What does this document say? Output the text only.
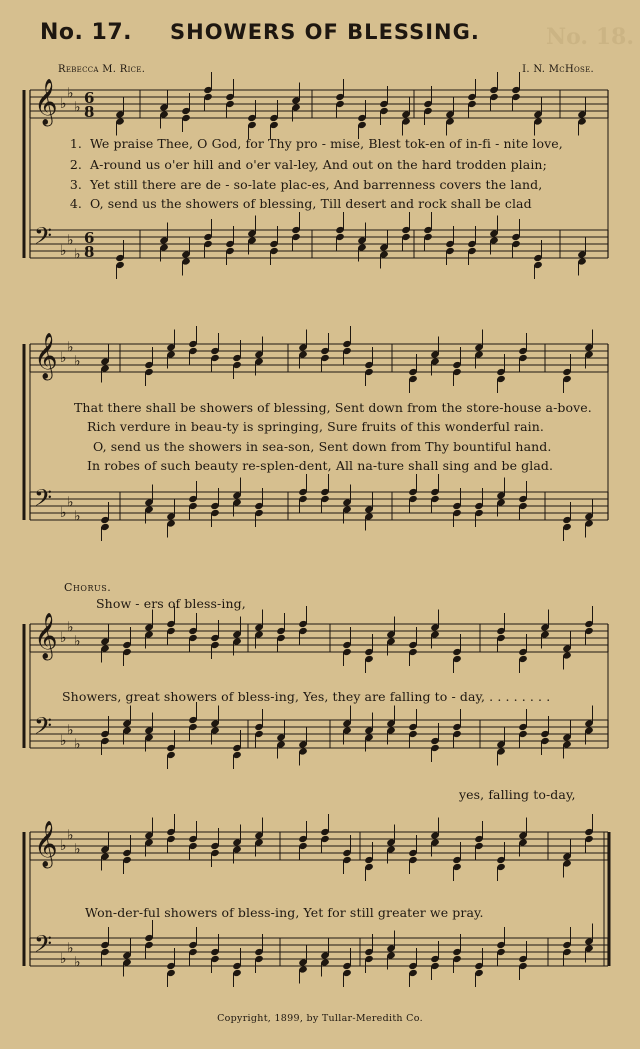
No. 18.
No. 17. SHOWERS OF BLESSING.
Rebecca M. Rice.	I. N. McHose.
𝄞 ♭
♭
♭
6
8
𝄢 ♭
♭
♭
6
8
1. We praise Thee, O God, for Thy pro - mise, Blest tok-en of in-fi - nite love,
2. A-round us o'er hill and o'er val-ley, And out on the hard trodden plain;
3. Yet still there are de - so-late plac-es, And barrenness covers the land,
4. O, send us the showers of blessing, Till desert and rock shall be clad
𝄞 ♭
♭
♭
𝄢 ♭
♭
♭
That there shall be showers of blessing, Sent down from the store-house a-bove.
Rich verdure in beau-ty is springing, Sure fruits of this wonderful rain.
O, send us the showers in sea-son, Sent down from Thy bountiful hand.
In robes of such beauty re-splen-dent, All na-ture shall sing and be glad.
Chorus.
Show - ers of bless-ing,
𝄞 ♭
♭
♭
𝄢 ♭
♭
♭
Showers, great showers of bless-ing, Yes, they are falling to - day, . . . . . . . .
yes, falling to-day,
𝄞 ♭
♭
♭
𝄢 ♭
♭
♭
Won-der-ful showers of bless-ing, Yet for still greater we pray.
Copyright, 1899, by Tullar-Meredith Co.
